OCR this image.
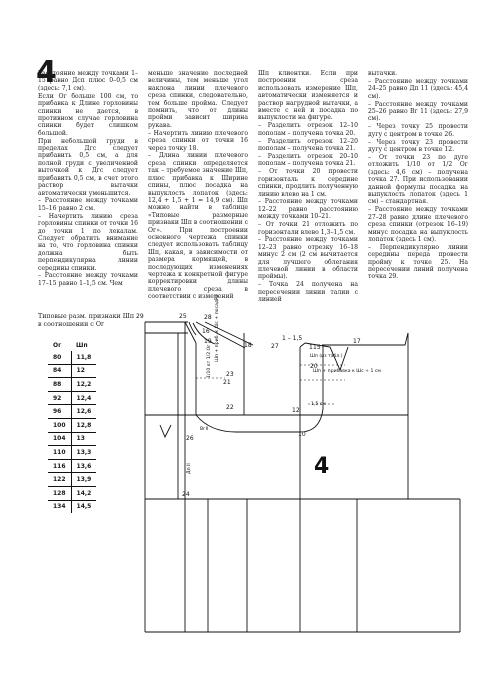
4

Расстояние между точками 1–15 равно Дсп плюс 0–0,5 см (здесь: 7,1 см).

Если Ог больше 100 см, то прибавка к Длине горловины спинки не дается, в противном случае горловина спинки будет слишком большой.

При небольшой груди в пределах Дгс следует прибавить 0,5 см, а для полной груди с увеличенной выточкой к Дгс следует прибавить 0,5 см, в счет этого раствор вытачки автоматически уменьшится.

– Расстояние между точками 15–16 равно 2 см.

– Начертить линию среза горловины спинки от точки 16 до точки 1 по лекалам. Следует обратить внимание на то, что горловина спинки должна быть перпендикулярна линии середины спинки.

– Расстояние между точками 17–15 равно 1–1,5 см. Чем

меньше значение последней величины, тем меньше угол наклона линии плечевого среза спинки, следовательно, тем больше пройма. Следует помнить, что от длины пройми зависит ширина рукава.

– Начертить линию плечевого среза спинки от точки 16 через точку 18.

– Длина линии плечевого среза спинки определяется так – требуемое значение Шп, плюс прибавка к Ширине спины, плюс посадка на выпуклость лопаток (здесь: 12,4 + 1,5 + 1 = 14,9 см). Шп можно найти в таблице «Типовые размерные признаки Шп в соотношении с Ог». При построении основного чертежа спинки следует использовать таблицу Шп, какая, в зависимости от размера кормящей, в последующих изменениях чертежа к конкретной фигуре корректировки длины плечевого среза в соответствии с измерений

Шп клиентки. Если при построении среза использовать измерение Шп, автоматически изменяется и раствор нагрудной вытачки, а вместе с ней и посадка по выпуклости на фигуре.

– Разделить отрезок 12–10 пополам – получена точка 20.

– Разделить отрезок 12–20 пополам – получена точка 21.

– Разделить отрезок 20–10 пополам – получена точка 21.

– От точки 20 провести горизонталь к середине спинки, продлить полученную линию влево на 1 см.

– Расстояние между точками 12–22 равно расстоянию между точками 10–21.

– От точки 21 отложить по горизонтали влево 1,3–1,5 см.

– Расстояние между точками 12–23 равно отрезку 16–18 минус 2 см (2 см вычитается для лучшего облегания плечевой линии в области проймы).

– Точка 24 получена на пересечении линии талии с линией

вытачки.

– Расстояние между точками 24–25 равно Дп 11 (здесь: 45,4 см).

– Расстояние между точками 25–26 равно Вг 11 (здесь: 27,9 см).

– Через точку 25 провести дугу с центром в точке 26.

– Через точку 23 провести дугу с центром в точке 12.

– От точки 23 по дуге отложить 1/10 от 1/2 Ог (здесь: 4,6 см) – получена точка 27. При использовании данной формулы посадка на выпуклость лопаток (здесь 1 см) – стандартная.

– Расстояние между точками 27–28 равно длине плечевого среза спинки (отрезок 16–19) минус посадка на выпуклость лопаток (здесь 1 см).

– Перпендикулярно линии середины переда провести пройму к точке 25. На пересечении линий получена точка 29.

Типовые разм. признаки Шп в соотношении с Ог
Ог	Шп
80	11,8
84	12
88	12,2
92	12,4
96	12,6
100	12,8
104	13
110	13,3
116	13,6
122	13,9
128	14,2
134	14,5
29	25	28
1 – 1,5
1
17
15
16
19
23
18
21
27
20
22	12
26
10
24
4
1/10 от 1/2 Ог Шп + приб. к Шс + посадка	Шп (из табл.)
Шп + прибавка к Шс + 1 см
1,5 см
Дп II
ВгII
